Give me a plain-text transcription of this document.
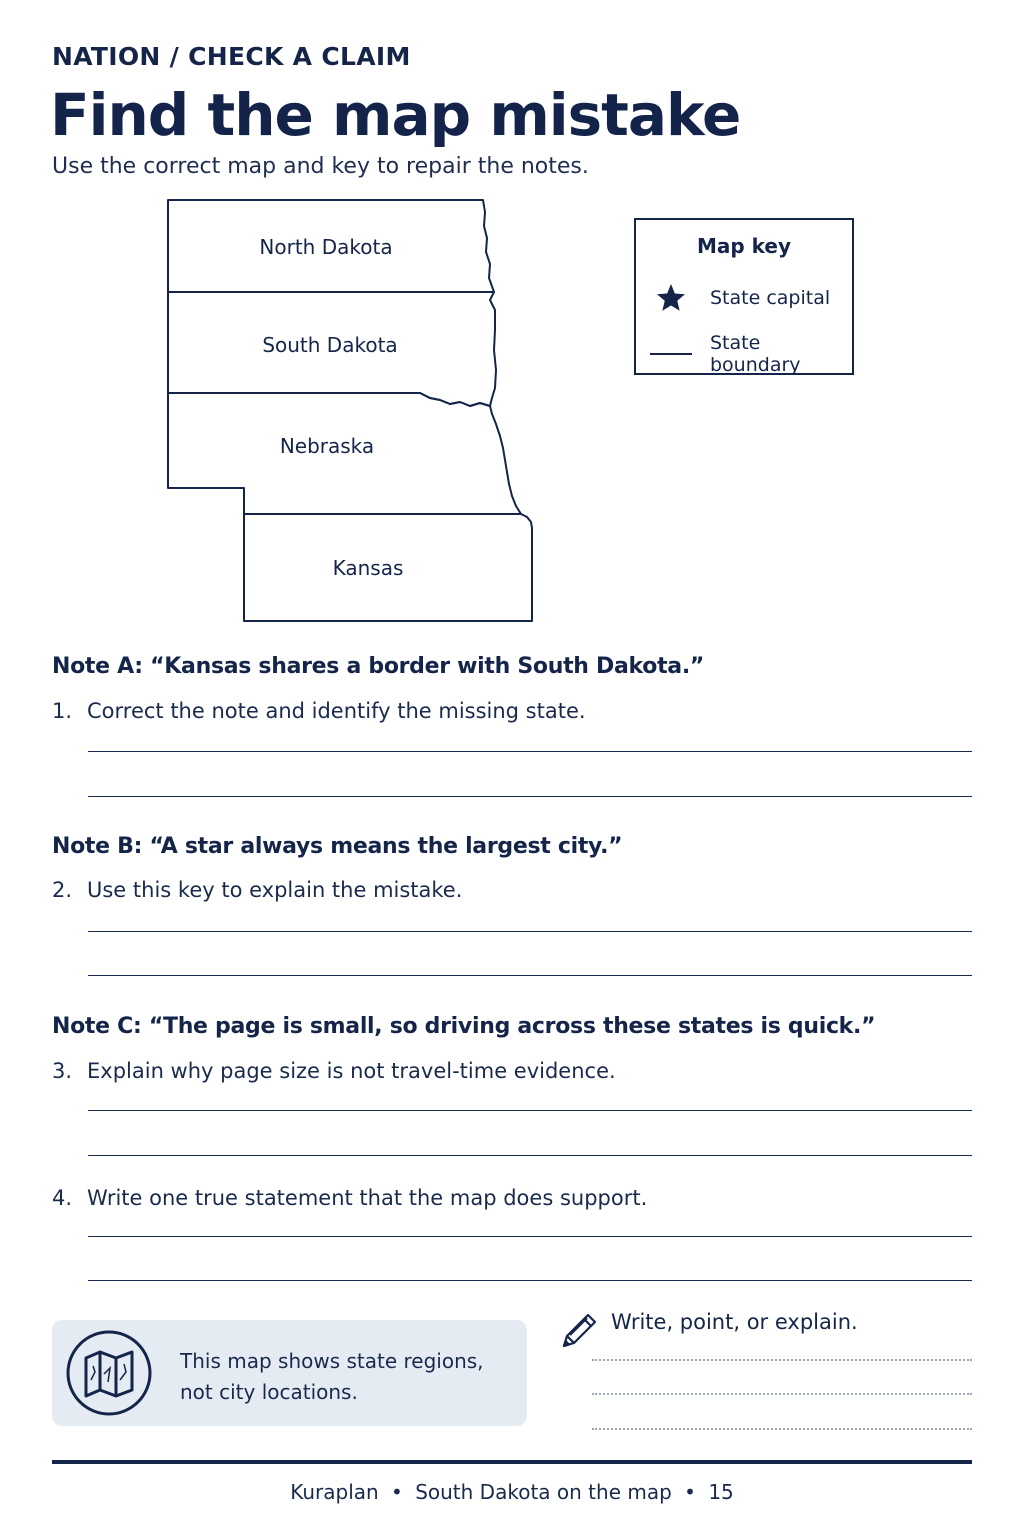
NATION / CHECK A CLAIM
Find the map mistake
Use the correct map and key to repair the notes.
North Dakota
South Dakota
Nebraska
Kansas
Map key
State capital
State boundary
Note A: “Kansas shares a border with South Dakota.”
1. Correct the note and identify the missing state.
Note B: “A star always means the largest city.”
2. Use this key to explain the mistake.
Note C: “The page is small, so driving across these states is quick.”
3. Explain why page size is not travel-time evidence.
4. Write one true statement that the map does support.
This map shows state regions,
not city locations.
Write, point, or explain.
Kuraplan • South Dakota on the map • 15
